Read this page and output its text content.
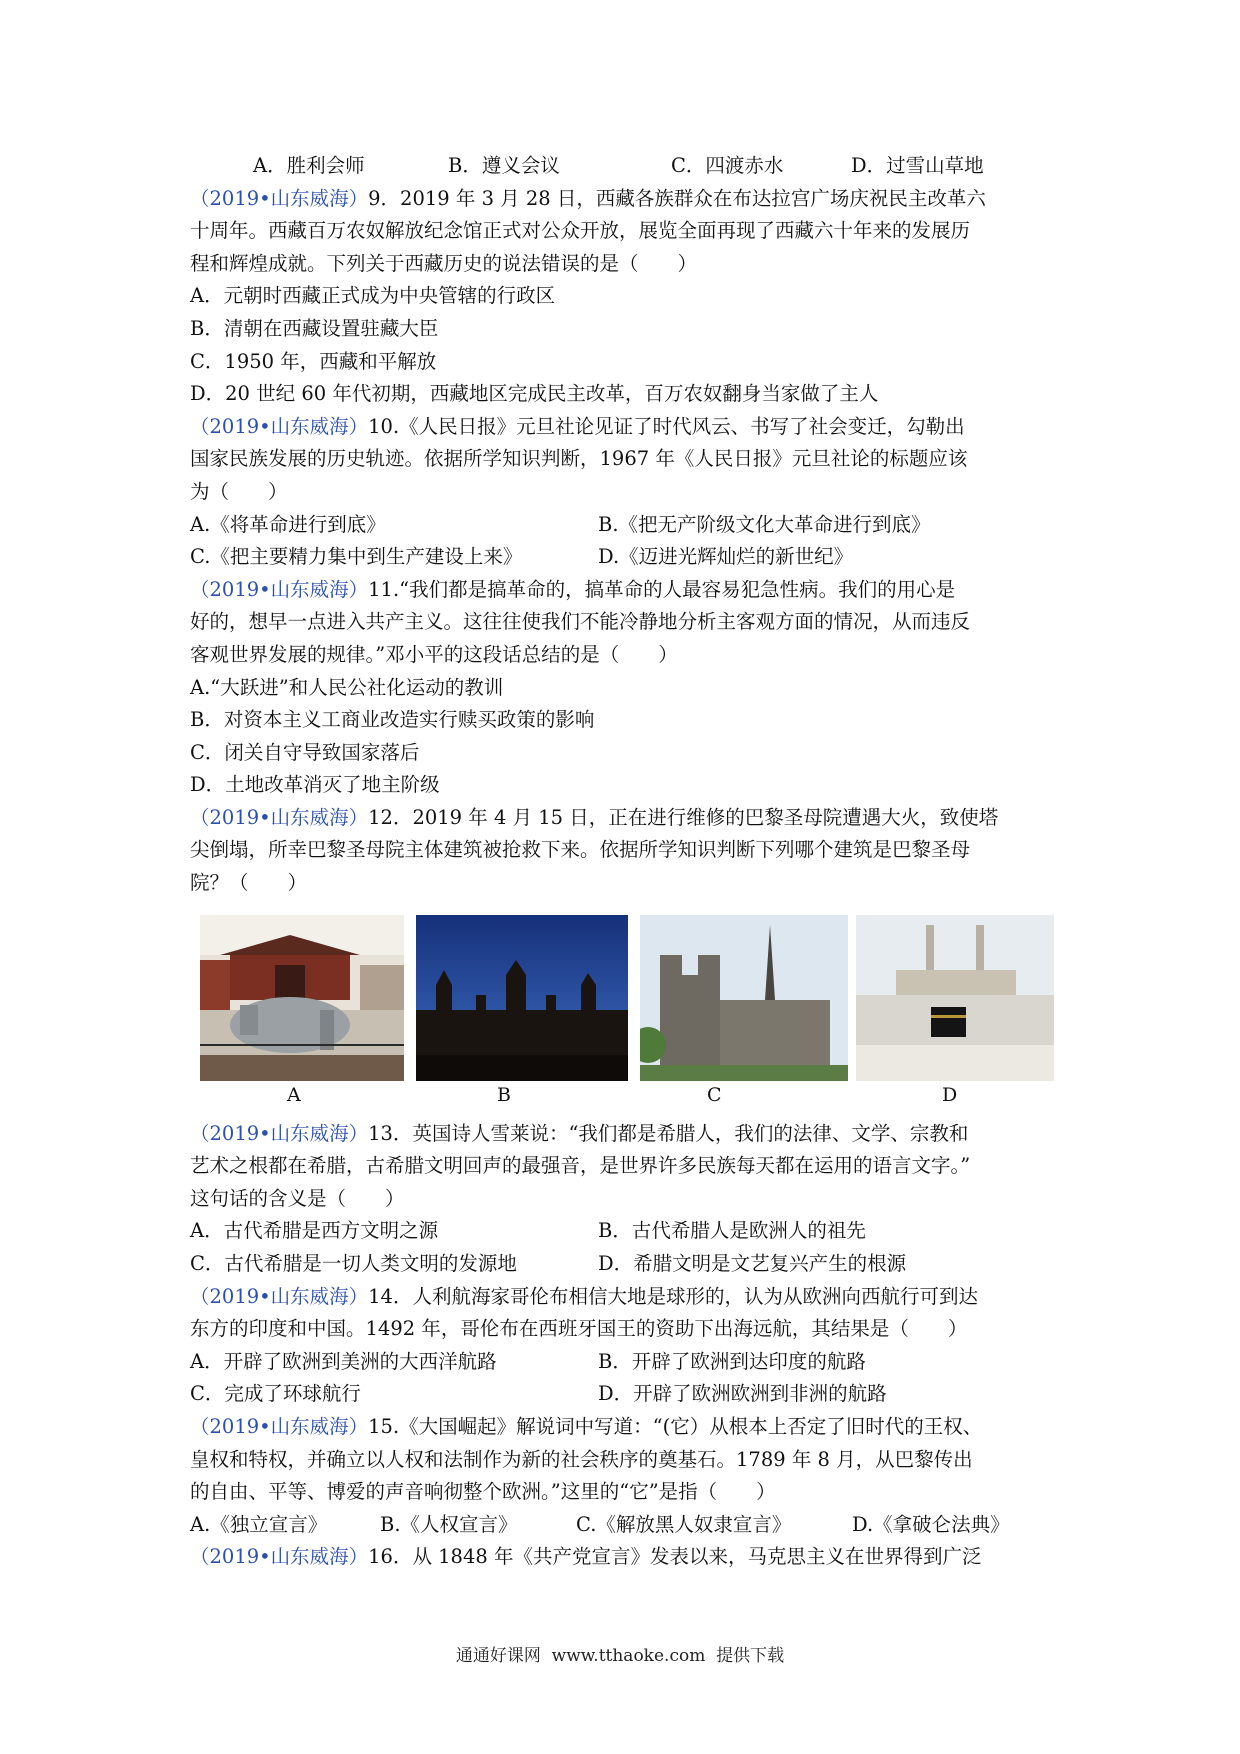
A．胜利会师	B．遵义会议	C．四渡赤水	D．过雪山草地
（2019•山东威海）9．2019 年 3 月 28 日，西藏各族群众在布达拉宫广场庆祝民主改革六
十周年。西藏百万农奴解放纪念馆正式对公众开放，展览全面再现了西藏六十年来的发展历
程和辉煌成就。下列关于西藏历史的说法错误的是（　　）
A．元朝时西藏正式成为中央管辖的行政区
B．清朝在西藏设置驻藏大臣
C．1950 年，西藏和平解放
D．20 世纪 60 年代初期，西藏地区完成民主改革，百万农奴翻身当家做了主人
（2019•山东威海）10.《人民日报》元旦社论见证了时代风云、书写了社会变迁，勾勒出
国家民族发展的历史轨迹。依据所学知识判断，1967 年《人民日报》元旦社论的标题应该
为（　　）
A.《将革命进行到底》	B.《把无产阶级文化大革命进行到底》
C.《把主要精力集中到生产建设上来》	D.《迈进光辉灿烂的新世纪》
（2019•山东威海）11.“我们都是搞革命的，搞革命的人最容易犯急性病。我们的用心是
好的，想早一点进入共产主义。这往往使我们不能冷静地分析主客观方面的情况，从而违反
客观世界发展的规律。”邓小平的这段话总结的是（　　）
A.“大跃进”和人民公社化运动的教训
B．对资本主义工商业改造实行赎买政策的影响
C．闭关自守导致国家落后
D．土地改革消灭了地主阶级
（2019•山东威海）12．2019 年 4 月 15 日，正在进行维修的巴黎圣母院遭遇大火，致使塔
尖倒塌，所幸巴黎圣母院主体建筑被抢救下来。依据所学知识判断下列哪个建筑是巴黎圣母
院？（　　）
A	B	C	D
（2019•山东威海）13．英国诗人雪莱说：“我们都是希腊人，我们的法律、文学、宗教和
艺术之根都在希腊，古希腊文明回声的最强音，是世界许多民族每天都在运用的语言文字。”
这句话的含义是（　　）
A．古代希腊是西方文明之源	B．古代希腊人是欧洲人的祖先
C．古代希腊是一切人类文明的发源地	D．希腊文明是文艺复兴产生的根源
（2019•山东威海）14．人利航海家哥伦布相信大地是球形的，认为从欧洲向西航行可到达
东方的印度和中国。1492 年，哥伦布在西班牙国王的资助下出海远航，其结果是（　　）
A．开辟了欧洲到美洲的大西洋航路	B．开辟了欧洲到达印度的航路
C．完成了环球航行	D．开辟了欧洲欧洲到非洲的航路
（2019•山东威海）15.《大国崛起》解说词中写道：“(它）从根本上否定了旧时代的王权、
皇权和特权，并确立以人权和法制作为新的社会秩序的奠基石。1789 年 8 月，从巴黎传出
的自由、平等、博爱的声音响彻整个欧洲。”这里的“它”是指（　　）
A.《独立宣言》	B.《人权宣言》	C.《解放黑人奴隶宣言》	D.《拿破仑法典》
（2019•山东威海）16．从 1848 年《共产党宣言》发表以来，马克思主义在世界得到广泛
通通好课网 www.tthaoke.com 提供下载
